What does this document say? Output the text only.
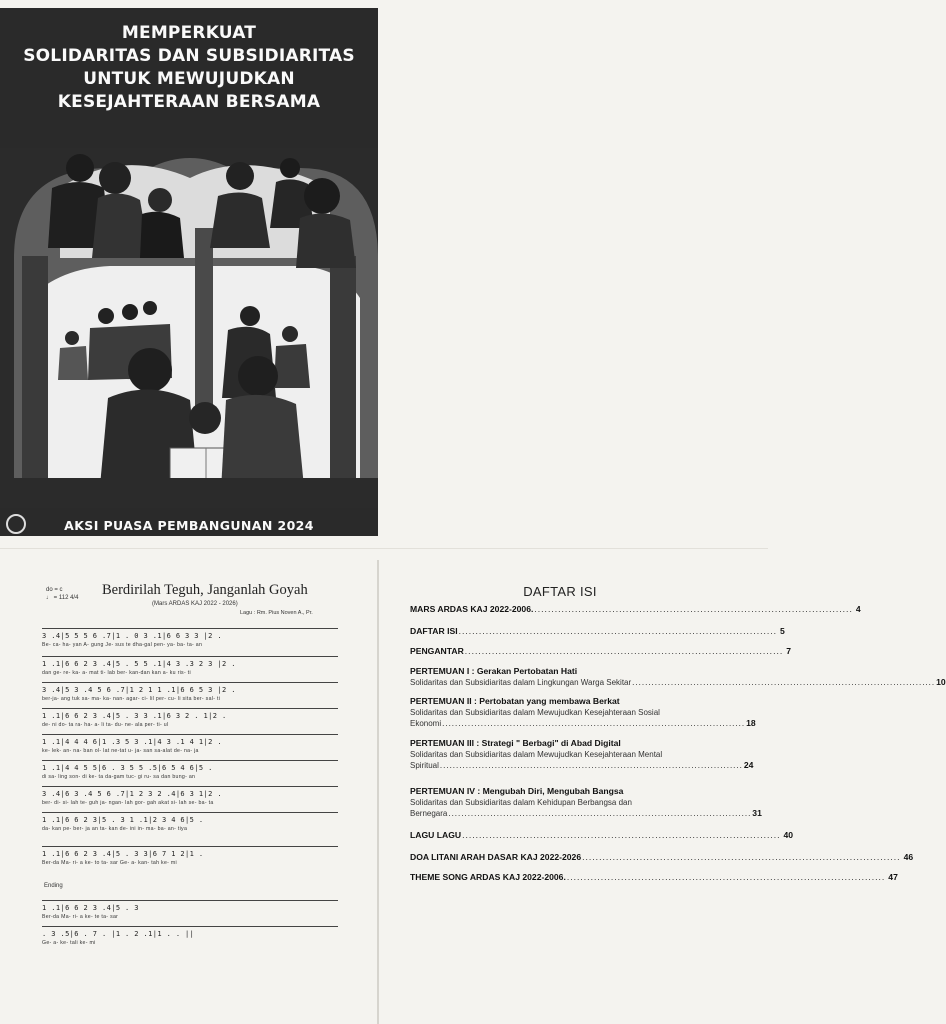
MEMPERKUAT
SOLIDARITAS DAN SUBSIDIARITAS
UNTUK MEWUJUDKAN
KESEJAHTERAAN BERSAMA
AKSI PUASA PEMBANGUNAN 2024
do = c
♩ = 112 4/4 Berdirilah Teguh, Janganlah Goyah
(Mars ARDAS KAJ 2022 - 2026)
Lagu : Rm. Pius Noven A., Pr.
3 .4|5 5 5 6 .7|1 . 0 3 .1|6 6 3 3 |2 .
Be- ca- ha- yan A- gung Je- sus te dha-gal pen- ya- ba- ta- an
1 .1|6 6 2 3 .4|5 . 5 5 .1|4 3 .3 2 3 |2 .
dan ge- re- ka- a- mat ti- lab ber- kan-dan kan a- ku ris- ti
3 .4|5 3 .4 5 6 .7|1 2 1 1 .1|6 6 5 3 |2 .
ber-ja- ang tuk sa- ma- ka- nan- agar- ci- lil per- cu- li sita ber- sal- ti
1 .1|6 6 2 3 .4|5 . 3 3 .1|6 3 2 . 1|2 .
de- ni do- ta ra- ha- a- li ta- du- ne- ala per- ti- ul
1 .1|4 4 4 6|1 .3 5 3 .1|4 3 .1 4 1|2 .
ke- lek- an- na- ban ol- lat ne-tat u- ja- san sa-alat de- na- ja
1 .1|4 4 5 5|6 . 3 5 5 .5|6 5 4 6|5 .
di sa- ling son- di ke- ta da-gam tuc- gi ru- sa dan bung- an
3 .4|6 3 .4 5 6 .7|1 2 3 2 .4|6 3 1|2 .
ber- di- si- lah te- guh ja- ngan- lah gor- gah akat si- lah se- ba- ta
1 .1|6 6 2 3|5 . 3 1 .1|2 3 4 6|5 .
da- kan pe- ber- ja an ta- kan de- ini in- ma- ba- an- tiya
1 .1|6 6 2 3 .4|5 . 3 3|6 7 1 2|1 .
Ber-da Ma- ri- a ke- to ta- sar Ge- a- kan- tah ke- mi
Ending
1 .1|6 6 2 3 .4|5 . 3
Ber-da Ma- ri- a ke- te ta- sar
. 3 .5|6 . 7 . |1 . 2 .1|1 . . ||
Ge- a- ke- tali ke- mi
DAFTAR ISI
MARS ARDAS KAJ 2022-2006. .............................................................................................. 4
DAFTAR ISI .............................................................................................. 5
PENGANTAR .............................................................................................. 7
PERTEMUAN I : Gerakan Pertobatan Hati
Solidaritas dan Subsidiaritas dalam Lingkungan Warga Sekitar .............................................................................................. 10
PERTEMUAN II : Pertobatan yang membawa Berkat
Solidaritas dan Subsidiaritas dalam Mewujudkan Kesejahteraan Sosial
Ekonomi .............................................................................................. 18
PERTEMUAN III : Strategi " Berbagi" di Abad Digital
Solidaritas dan Subsidiaritas dalam Mewujudkan Kesejahteraan Mental
Spiritual .............................................................................................. 24
PERTEMUAN IV : Mengubah Diri, Mengubah Bangsa
Solidaritas dan Subsidiaritas dalam Kehidupan Berbangsa dan
Bernegara .............................................................................................. 31
LAGU LAGU .............................................................................................. 40
DOA LITANI ARAH DASAR KAJ 2022-2026 .............................................................................................. 46
THEME SONG ARDAS KAJ 2022-2006. .............................................................................................. 47
